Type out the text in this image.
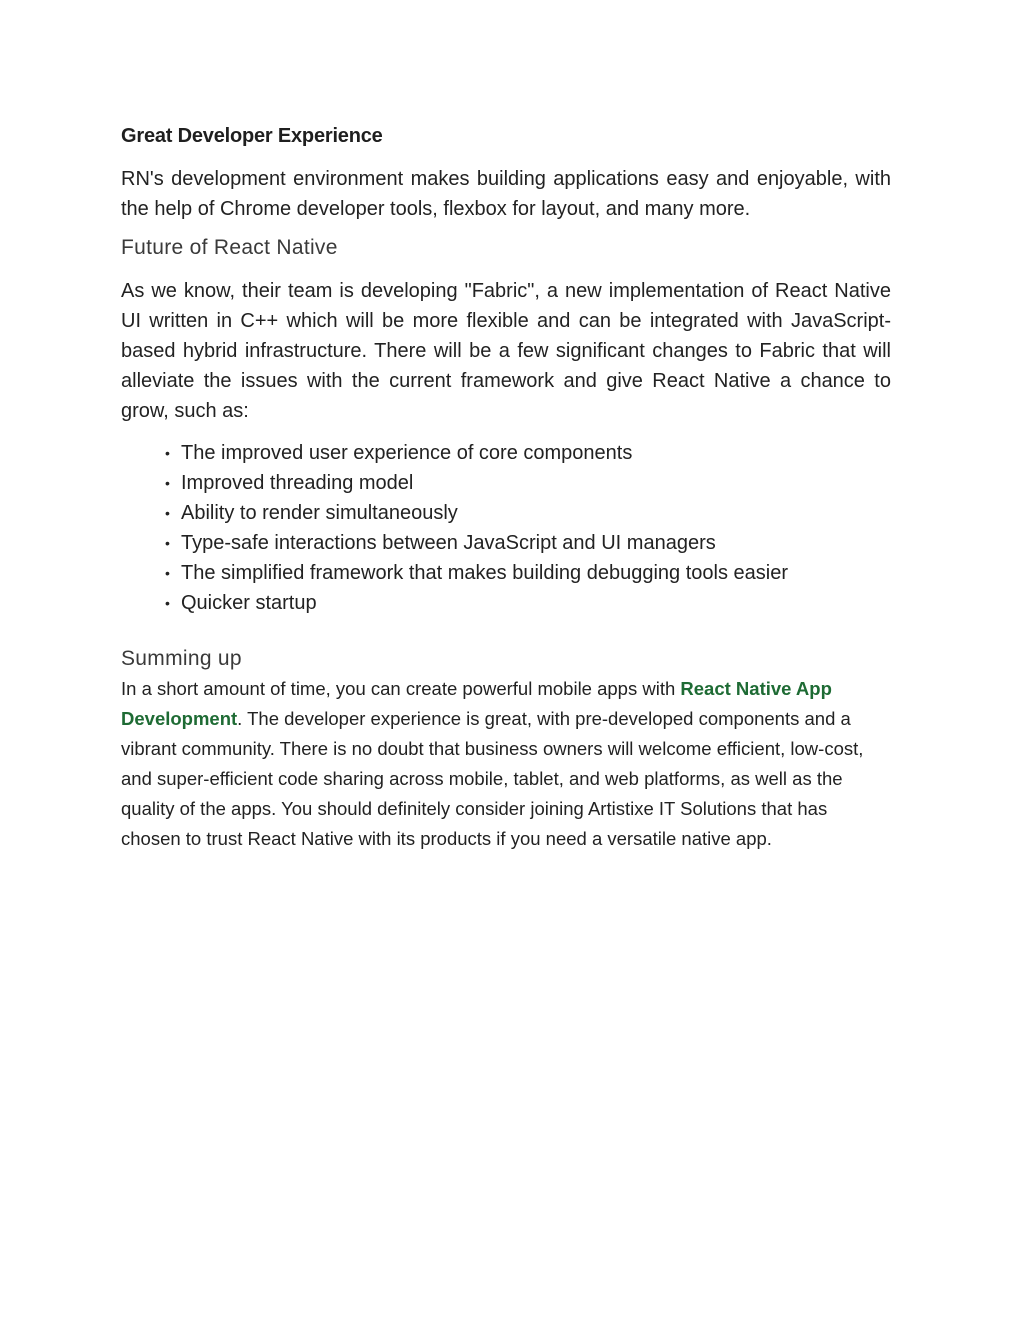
Great Developer Experience

RN's development environment makes building applications easy and enjoyable, with the help of Chrome developer tools, flexbox for layout, and many more.

Future of React Native

As we know, their team is developing "Fabric", a new implementation of React Native UI written in C++ which will be more flexible and can be integrated with JavaScript-based hybrid infrastructure. There will be a few significant changes to Fabric that will alleviate the issues with the current framework and give React Native a chance to grow, such as:

• The improved user experience of core components
• Improved threading model
• Ability to render simultaneously
• Type-safe interactions between JavaScript and UI managers
• The simplified framework that makes building debugging tools easier
• Quicker startup
Summing up

In a short amount of time, you can create powerful mobile apps with React Native App Development. The developer experience is great, with pre-developed components and a vibrant community. There is no doubt that business owners will welcome efficient, low-cost, and super-efficient code sharing across mobile, tablet, and web platforms, as well as the quality of the apps. You should definitely consider joining Artistixe IT Solutions that has chosen to trust React Native with its products if you need a versatile native app.
